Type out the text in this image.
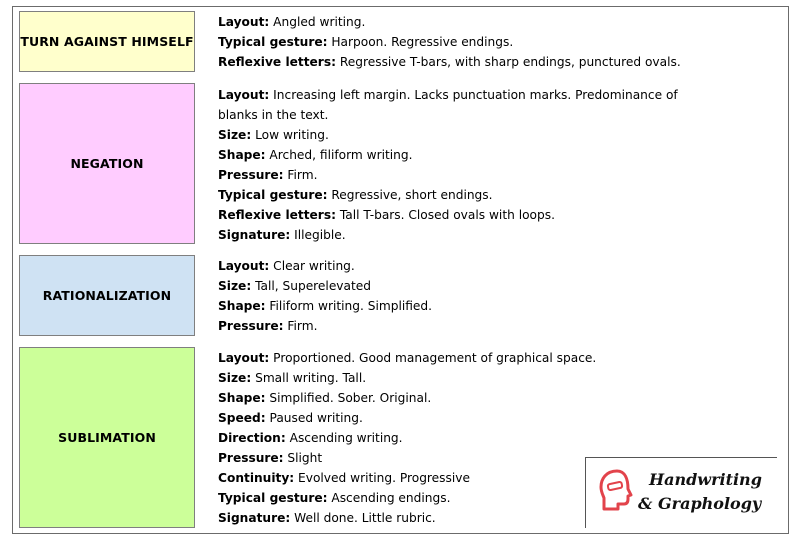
TURN AGAINST HIMSELF
Layout: Angled writing.
Typical gesture: Harpoon. Regressive endings.
Reflexive letters: Regressive T-bars, with sharp endings, punctured ovals.
NEGATION
Layout: Increasing left margin. Lacks punctuation marks. Predominance of blanks in the text.
Size: Low writing.
Shape: Arched, filiform writing.
Pressure: Firm.
Typical gesture: Regressive, short endings.
Reflexive letters: Tall T-bars. Closed ovals with loops.
Signature: Illegible.
RATIONALIZATION
Layout: Clear writing.
Size: Tall, Superelevated
Shape: Filiform writing. Simplified.
Pressure: Firm.
SUBLIMATION
Layout: Proportioned. Good management of graphical space.
Size: Small writing. Tall.
Shape: Simplified. Sober. Original.
Speed: Paused writing.
Direction: Ascending writing.
Pressure: Slight
Continuity: Evolved writing. Progressive
Typical gesture: Ascending endings.
Signature: Well done. Little rubric.
Handwriting
& Graphology
